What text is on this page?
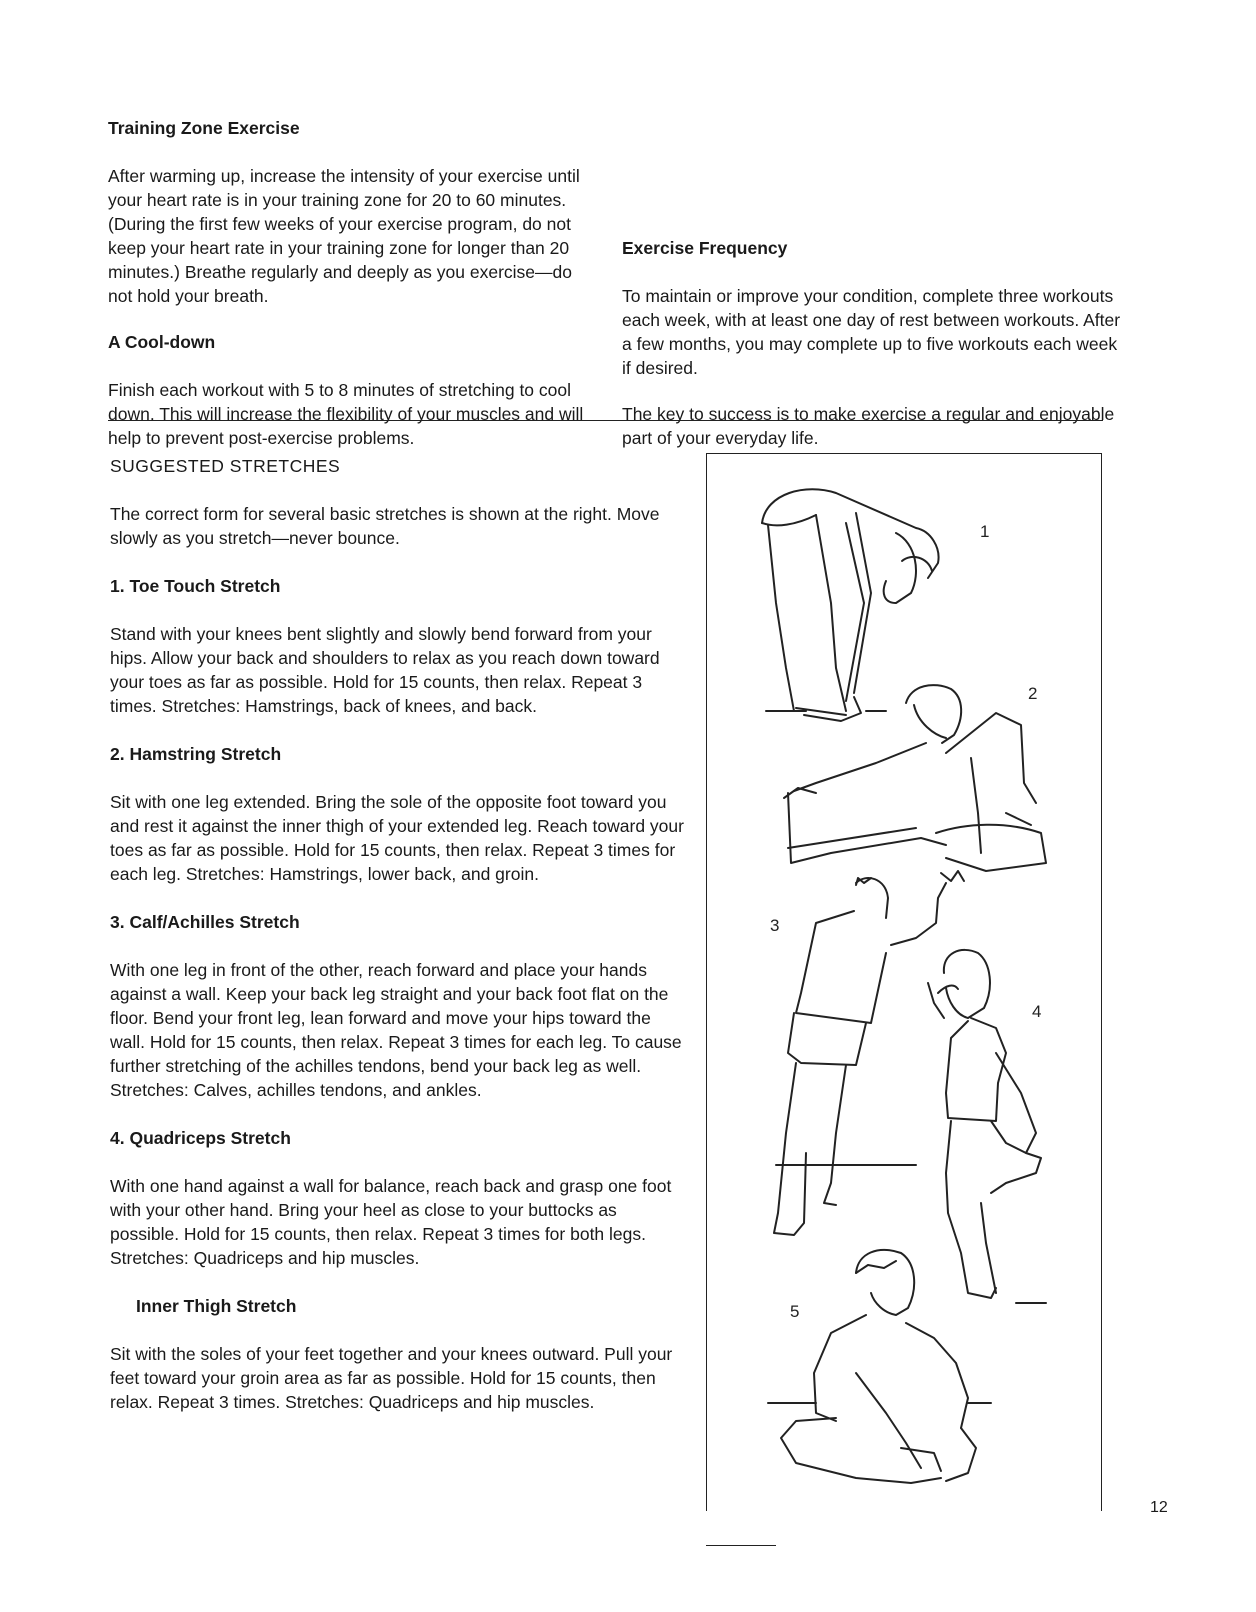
Training Zone Exercise

After warming up, increase the intensity of your exercise until your heart rate is in your training zone for 20 to 60 minutes. (During the first few weeks of your exercise program, do not keep your heart rate in your training zone for longer than 20 minutes.) Breathe regularly and deeply as you exercise—do not hold your breath.

A Cool-down

Finish each workout with 5 to 8 minutes of stretching to cool down. This will increase the flexibility of your muscles and will help to prevent post-exercise problems.

Exercise Frequency

To maintain or improve your condition, complete three workouts each week, with at least one day of rest between workouts. After a few months, you may complete up to five workouts each week if desired.

The key to success is to make exercise a regular and enjoyable part of your everyday life.

SUGGESTED STRETCHES

The correct form for several basic stretches is shown at the right. Move slowly as you stretch—never bounce.

1. Toe Touch Stretch

Stand with your knees bent slightly and slowly bend forward from your hips. Allow your back and shoulders to relax as you reach down toward your toes as far as possible. Hold for 15 counts, then relax. Repeat 3 times. Stretches: Hamstrings, back of knees, and back.

2. Hamstring Stretch

Sit with one leg extended. Bring the sole of the opposite foot toward you and rest it against the inner thigh of your extended leg. Reach toward your toes as far as possible. Hold for 15 counts, then relax. Repeat 3 times for each leg. Stretches: Hamstrings, lower back, and groin.

3. Calf/Achilles Stretch

With one leg in front of the other, reach forward and place your hands against a wall. Keep your back leg straight and your back foot flat on the floor. Bend your front leg, lean forward and move your hips toward the wall. Hold for 15 counts, then relax. Repeat 3 times for each leg. To cause further stretching of the achilles tendons, bend your back leg as well. Stretches: Calves, achilles tendons, and ankles.

4. Quadriceps Stretch

With one hand against a wall for balance, reach back and grasp one foot with your other hand. Bring your heel as close to your buttocks as possible. Hold for 15 counts, then relax. Repeat 3 times for both legs. Stretches: Quadriceps and hip muscles.

Inner Thigh Stretch

Sit with the soles of your feet together and your knees outward. Pull your feet toward your groin area as far as possible. Hold for 15 counts, then relax. Repeat 3 times. Stretches: Quadriceps and hip muscles.

1
2
3
4
5
12
